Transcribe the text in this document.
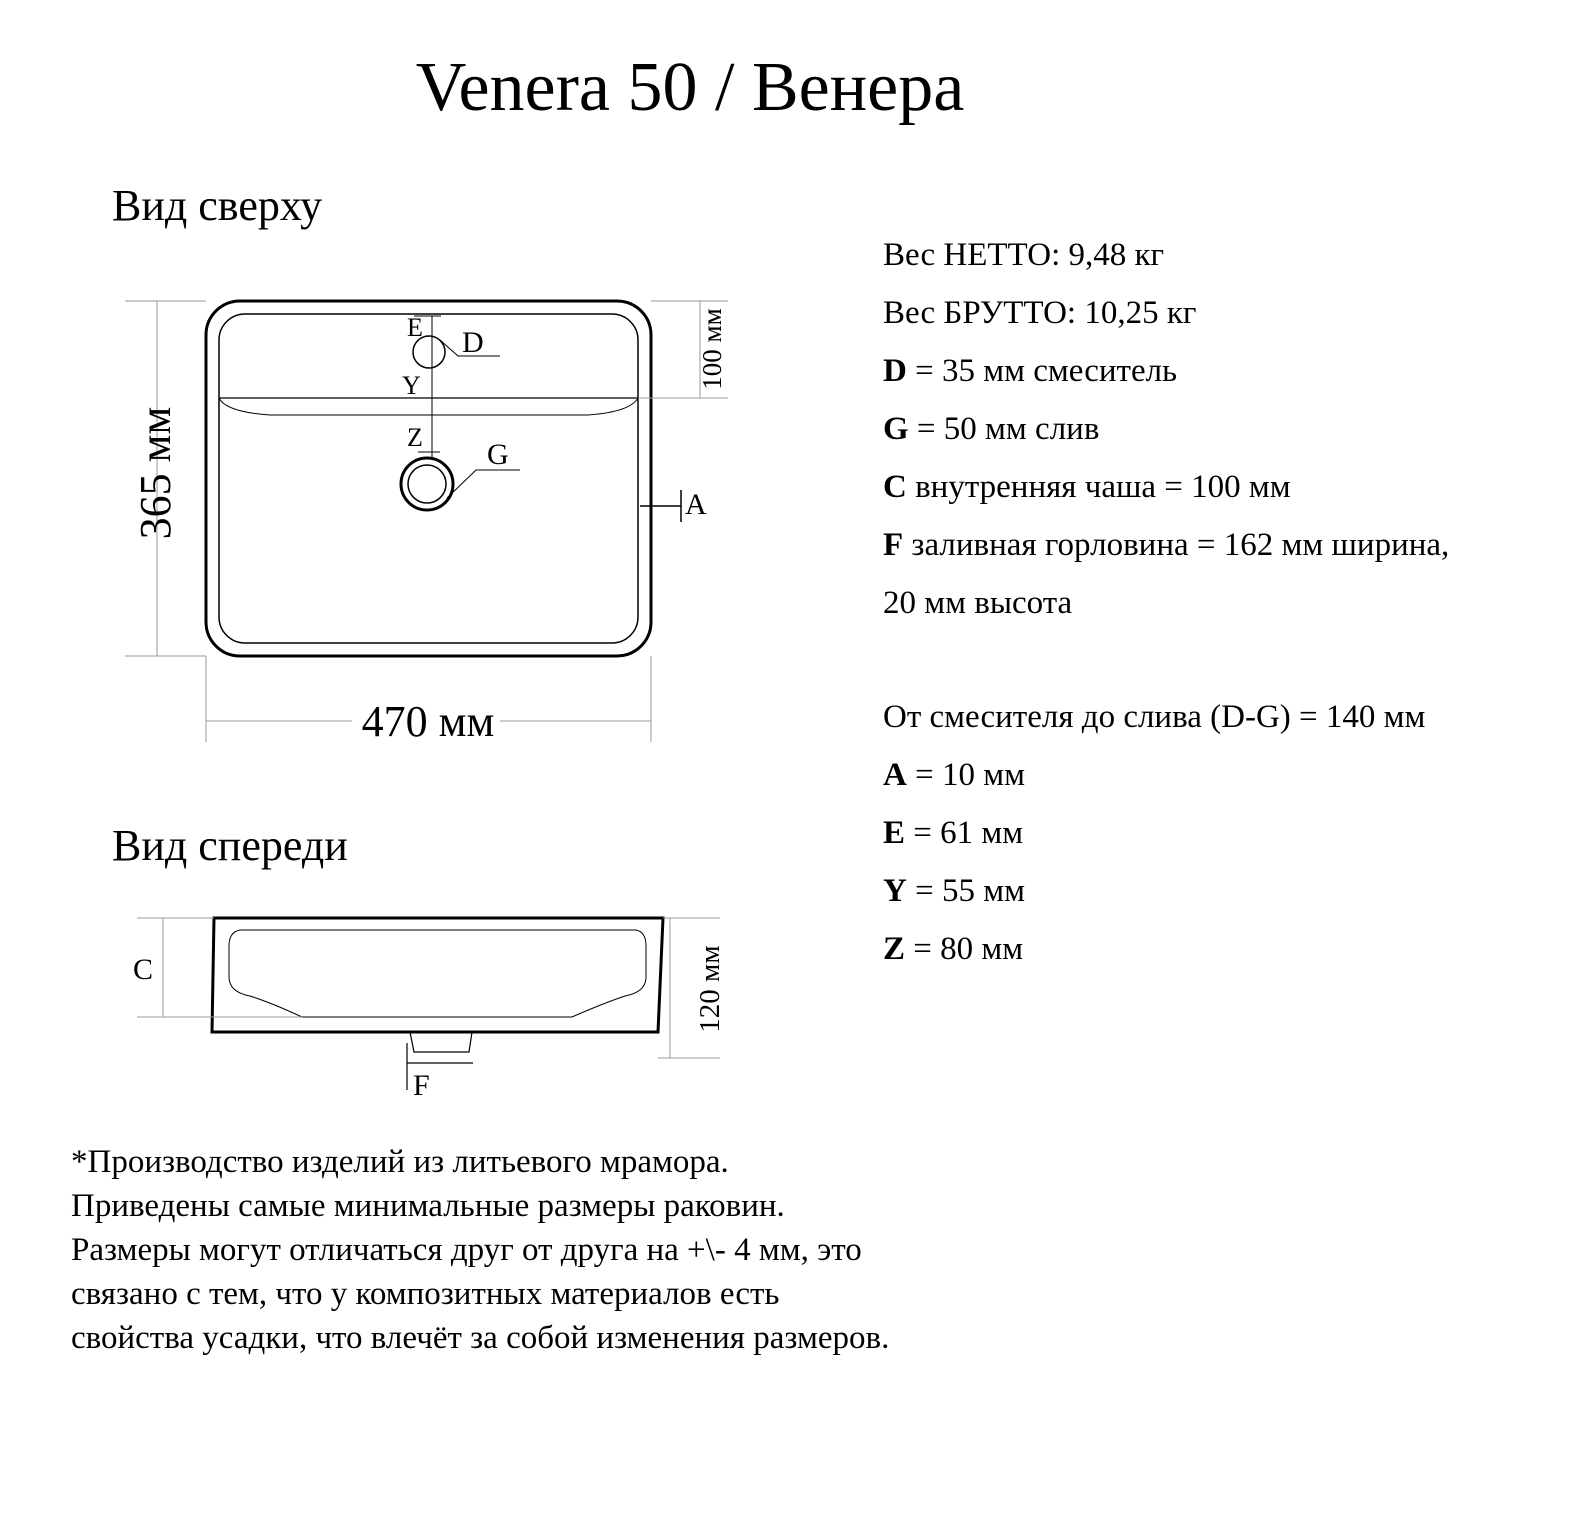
Venera 50 / Венера
Вид сверху
Вид спереди
365 мм
100 мм
470 мм
E D
Y
Z
G
A
120 мм
C
F
Вес НЕТТО: 9,48 кг
Вес БРУТТО: 10,25 кг
D = 35 мм смеситель
G = 50 мм слив
C внутренняя чаша = 100 мм
F заливная горловина = 162 мм ширина,
20 мм высота
От смесителя до слива (D-G) = 140 мм
A = 10 мм
E = 61 мм
Y = 55 мм
Z = 80 мм
*Производство изделий из литьевого мрамора.
Приведены самые минимальные размеры раковин.
Размеры могут отличаться друг от друга на +\- 4 мм, это
связано с тем, что у композитных материалов есть
свойства усадки, что влечёт за собой изменения размеров.
